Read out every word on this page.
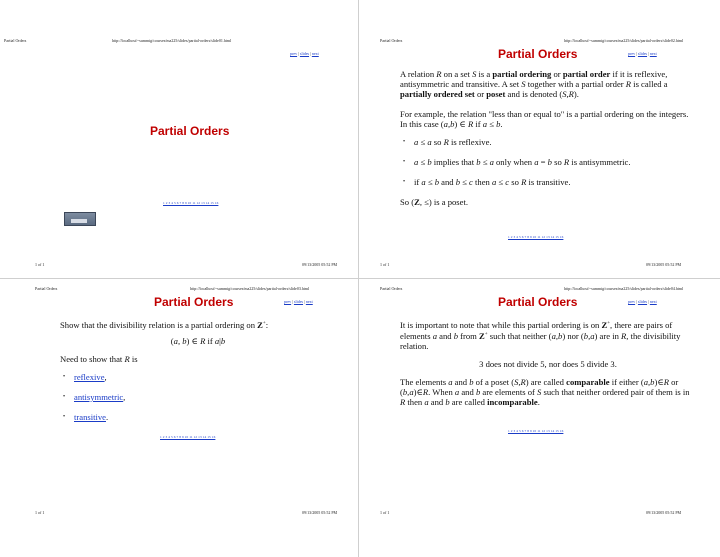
Partial Orders	http://localhost/~summig/courses/ma225/slides/partial-orders/slide01.html
prev | slides | next
Partial Orders
1 2 3 4 5 6 7 8 9 10 11 12 13 14 15 16
1 of 1	09/13/2005 05:52 PM
Partial Orders	http://localhost/~summig/courses/ma225/slides/partial-orders/slide02.html
Partial Orders	prev | slides | next

A relation R on a set S is a partial ordering or partial order if it is reflexive, antisymmetric and transitive. A set S together with a partial order R is called a partially ordered set or poset and is denoted (S,R).

For example, the relation "less than or equal to" is a partial ordering on the integers. In this case (a,b) ∈ R if a ≤ b.

• a ≤ a so R is reflexive.
• a ≤ b implies that b ≤ a only when a = b so R is antisymmetric.
• if a ≤ b and b ≤ c then a ≤ c so R is transitive.

So (Z, ≤) is a poset.

1 2 3 4 5 6 7 8 9 10 11 12 13 14 15 16
1 of 1	09/13/2005 05:52 PM
Partial Orders	http://localhost/~summig/courses/ma225/slides/partial-orders/slide03.html
Partial Orders	prev | slides | next

Show that the divisibility relation is a partial ordering on Z+:

(a, b) ∈ R if a|b

Need to show that R is

• reflexive,
• antisymmetric,
• transitive.
1 2 3 4 5 6 7 8 9 10 11 12 13 14 15 16
1 of 1	09/13/2005 05:52 PM
Partial Orders	http://localhost/~summig/courses/ma225/slides/partial-orders/slide04.html
Partial Orders	prev | slides | next

It is important to note that while this partial ordering is on Z+, there are pairs of elements a and b from Z+ such that neither (a,b) nor (b,a) are in R, the divisibility relation.

3 does not divide 5, nor does 5 divide 3.

The elements a and b of a poset (S,R) are called comparable if either (a,b)∈R or (b,a)∈R. When a and b are elements of S such that neither ordered pair of them is in R then a and b are called incomparable.

1 2 3 4 5 6 7 8 9 10 11 12 13 14 15 16
1 of 1	09/13/2005 05:52 PM
